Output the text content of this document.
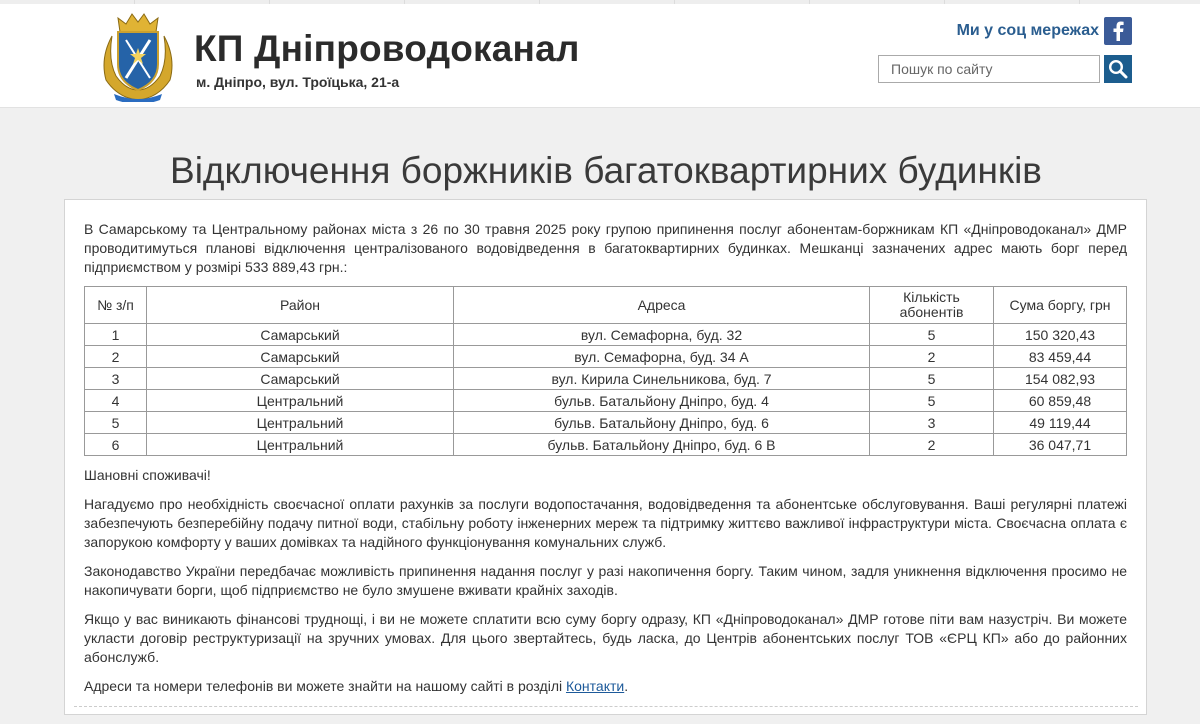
КП Дніпроводоканал
м. Дніпро, вул. Троїцька, 21-а
Ми у соц мережах
Пошук по сайту
Відключення боржників багатоквартирних будинків

В Самарському та Центральному районах міста з 26 по 30 травня 2025 року групою припинення послуг абонентам-боржникам КП «Дніпроводоканал» ДМР проводитимуться планові відключення централізованого водовідведення в багатоквартирних будинках. Мешканці зазначених адрес мають борг перед підприємством у розмірі 533 889,43 грн.:

№ з/п	Район	Адреса	Кількість абонентів	Сума боргу, грн
1	Самарський	вул. Семафорна, буд. 32	5	150 320,43
2	Самарський	вул. Семафорна, буд. 34 А	2	83 459,44
3	Самарський	вул. Кирила Синельникова, буд. 7	5	154 082,93
4	Центральний	бульв. Батальйону Дніпро, буд. 4	5	60 859,48
5	Центральний	бульв. Батальйону Дніпро, буд. 6	3	49 119,44
6	Центральний	бульв. Батальйону Дніпро, буд. 6 В	2	36 047,71

Шановні споживачі!

Нагадуємо про необхідність своєчасної оплати рахунків за послуги водопостачання, водовідведення та абонентське обслуговування. Ваші регулярні платежі забезпечують безперебійну подачу питної води, стабільну роботу інженерних мереж та підтримку життєво важливої інфраструктури міста. Своєчасна оплата є запорукою комфорту у ваших домівках та надійного функціонування комунальних служб.

Законодавство України передбачає можливість припинення надання послуг у разі накопичення боргу. Таким чином, задля уникнення відключення просимо не накопичувати борги, щоб підприємство не було змушене вживати крайніх заходів.

Якщо у вас виникають фінансові труднощі, і ви не можете сплатити всю суму боргу одразу, КП «Дніпроводоканал» ДМР готове піти вам назустріч. Ви можете укласти договір реструктуризації на зручних умовах. Для цього звертайтесь, будь ласка, до Центрів абонентських послуг ТОВ «ЄРЦ КП» або до районних абонслужб.

Адреси та номери телефонів ви можете знайти на нашому сайті в розділі Контакти.
